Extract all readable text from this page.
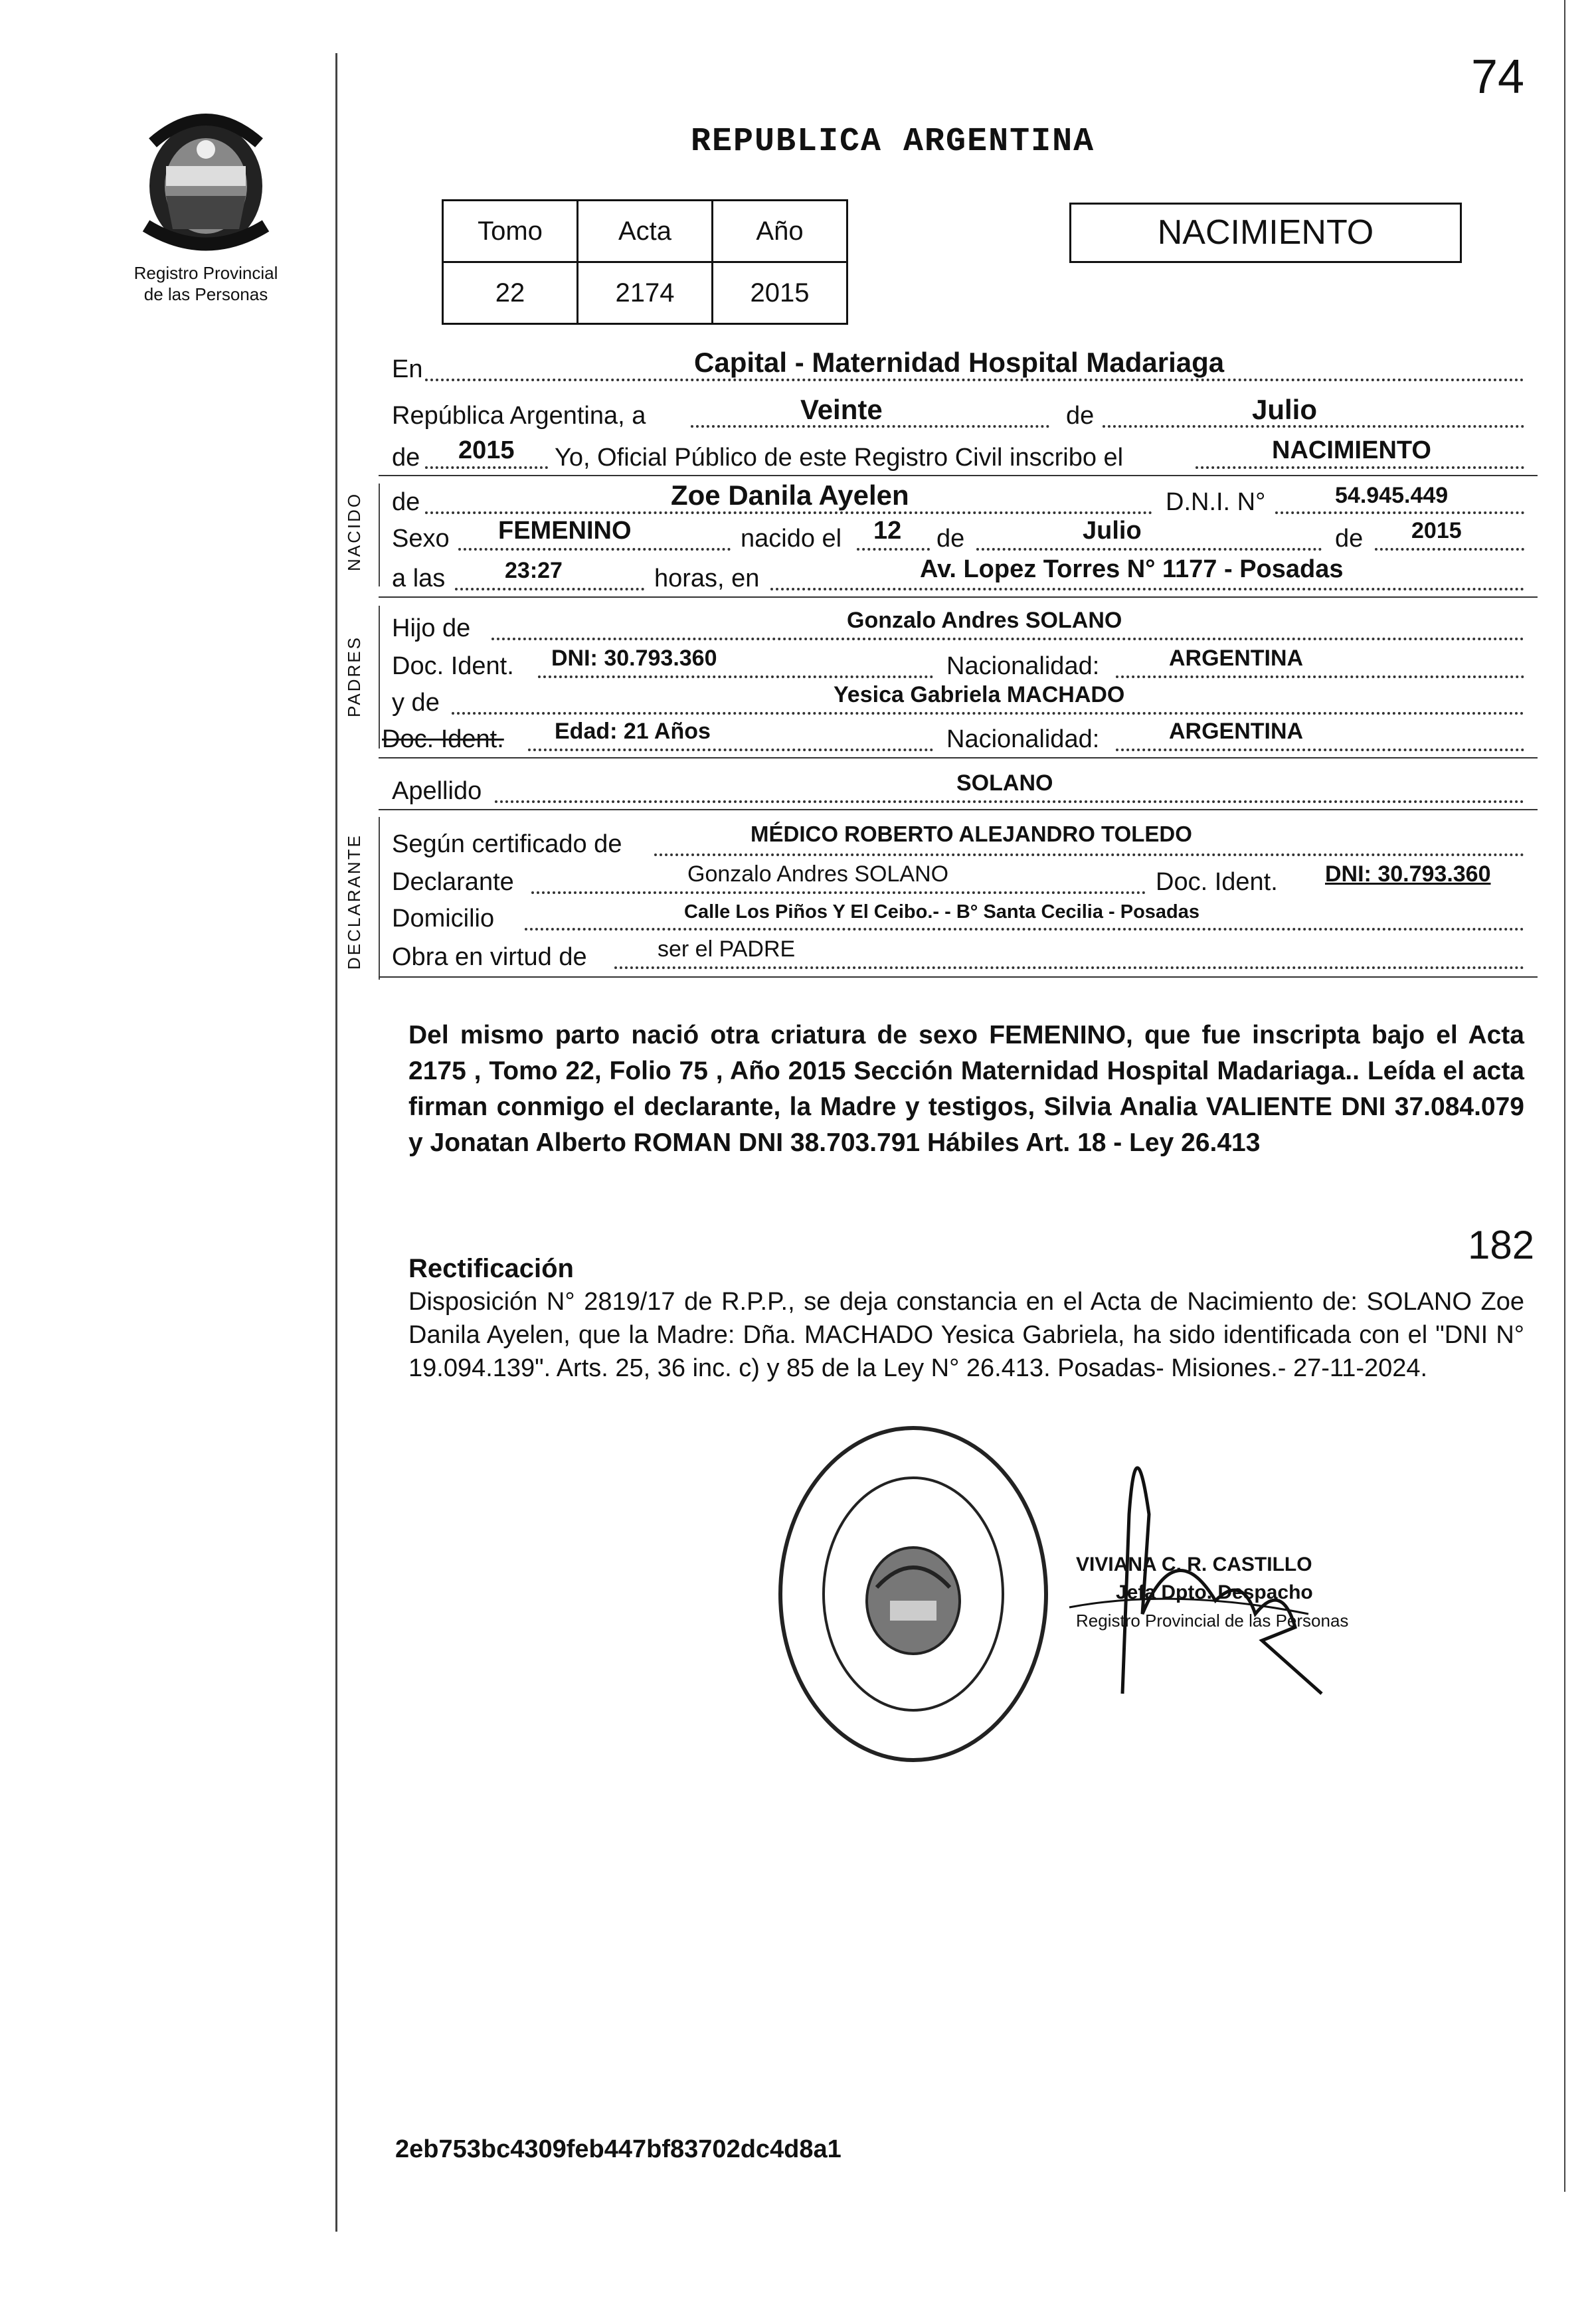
74
Registro Provincial
de las Personas
REPUBLICA ARGENTINA
Tomo	Acta	Año
22	2174	2015
NACIMIENTO
En	Capital - Maternidad Hospital Madariaga
República Argentina, a	Veinte	de	Julio
de 2015 Yo, Oficial Público de este Registro Civil inscribo el	NACIMIENTO
NACIDO de	Zoe Danila Ayelen	D.N.I. N°	54.945.449
Sexo FEMENINO	nacido el 12 de	Julio	de 2015
a las	23:27	horas, en	Av. Lopez Torres N° 1177 - Posadas
PADRES
Hijo de	Gonzalo Andres SOLANO
Doc. Ident. DNI: 30.793.360	Nacionalidad:	ARGENTINA
y de	Yesica Gabriela MACHADO
Doc. Ident. Edad: 21 Años	Nacionalidad:	ARGENTINA
Apellido	SOLANO
DECLARANTE Según certificado de	MÉDICO ROBERTO ALEJANDRO TOLEDO
Declarante	Gonzalo Andres SOLANO	Doc. Ident. DNI: 30.793.360
Domicilio	Calle Los Piños Y El Ceibo.- - B° Santa Cecilia - Posadas
Obra en virtud de	ser el PADRE
Del mismo parto nació otra criatura de sexo FEMENINO, que fue inscripta bajo el Acta 2175 , Tomo 22, Folio 75 , Año 2015 Sección Maternidad Hospital Madariaga.. Leída el acta firman conmigo el declarante, la Madre y testigos, Silvia Analia VALIENTE DNI 37.084.079 y Jonatan Alberto ROMAN DNI 38.703.791 Hábiles Art. 18 - Ley 26.413
182
Rectificación
Disposición N° 2819/17 de R.P.P., se deja constancia en el Acta de Nacimiento de: SOLANO Zoe Danila Ayelen, que la Madre: Dña. MACHADO Yesica Gabriela, ha sido identificada con el "DNI N° 19.094.139". Arts. 25, 36 inc. c) y 85 de la Ley N° 26.413. Posadas- Misiones.- 27-11-2024.
VIVIANA C. R. CASTILLO
Jefa Dpto. Despacho
Registro Provincial de las Personas
2eb753bc4309feb447bf83702dc4d8a1
